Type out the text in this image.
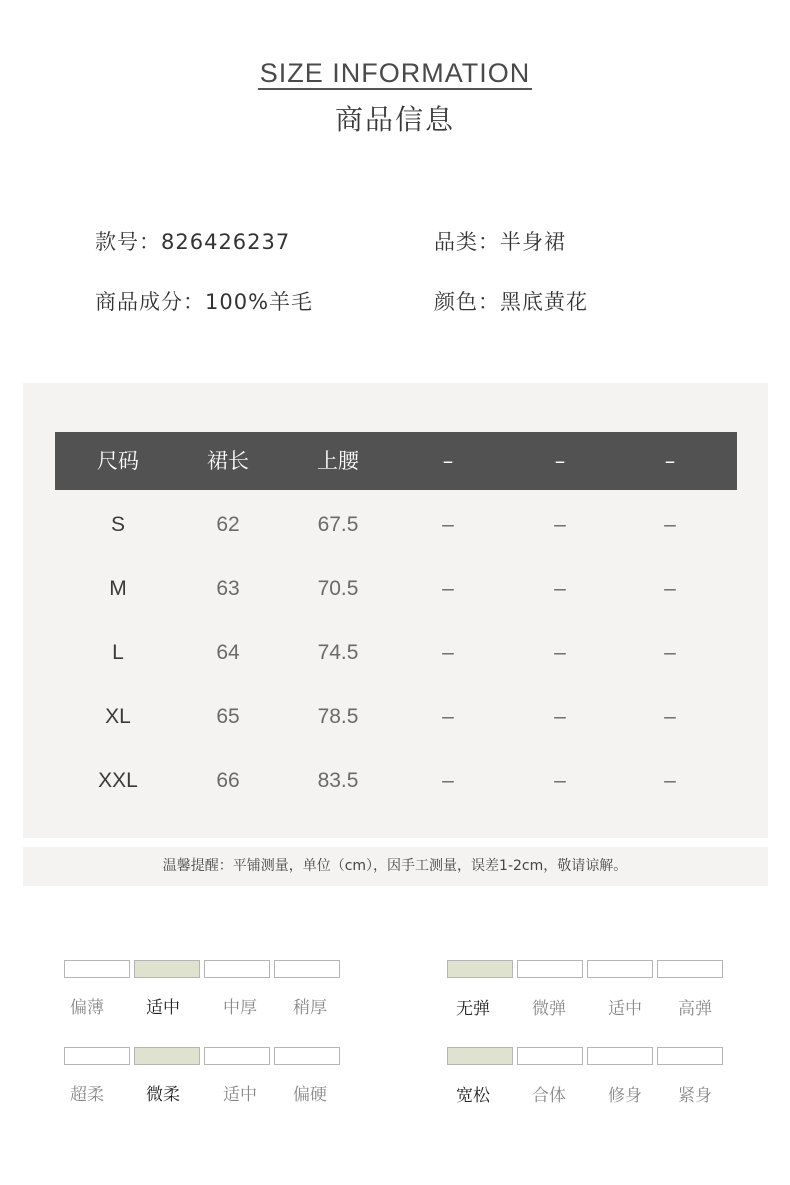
SIZE INFORMATION
商品信息
款号：826426237	品类：半身裙
商品成分：100%羊毛	颜色：黑底黄花
尺码	裙长	上腰	–	–	–
S	62	67.5	–	–	–
M	63	70.5	–	–	–
L	64	74.5	–	–	–
XL	65	78.5	–	–	–
XXL	66	83.5	–	–	–
温馨提醒：平铺测量，单位（cm），因手工测量，误差1-2cm，敬请谅解。
偏薄	适中	中厚	稍厚	无弹	微弹	适中	高弹
超柔	微柔	适中	偏硬	宽松	合体	修身	紧身
